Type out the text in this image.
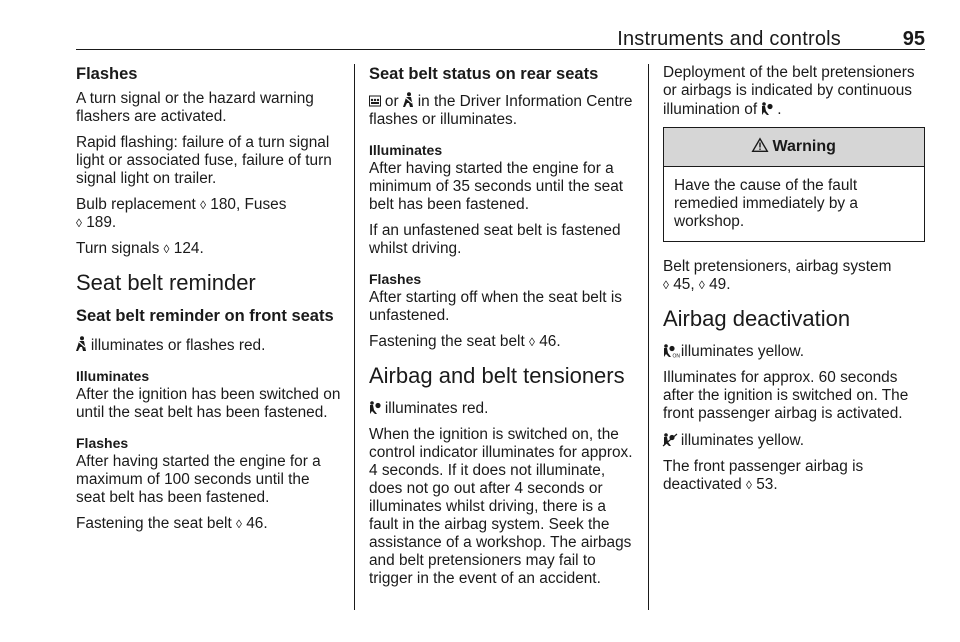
Instruments and controls	95
Flashes

A turn signal or the hazard warning flashers are activated.

Rapid flashing: failure of a turn signal light or associated fuse, failure of turn signal light on trailer.

Bulb replacement ◊ 180, Fuses
◊ 189.

Turn signals ◊ 124.

Seat belt reminder
Seat belt reminder on front seats

illuminates or flashes red.

Illuminates

After the ignition has been switched on until the seat belt has been fastened.

Flashes

After having started the engine for a maximum of 100 seconds until the seat belt has been fastened.

Fastening the seat belt ◊ 46.

Seat belt status on rear seats

or  in the Driver Information Centre flashes or illuminates.

Illuminates

After having started the engine for a minimum of 35 seconds until the seat belt has been fastened.

If an unfastened seat belt is fastened whilst driving.

Flashes

After starting off when the seat belt is unfastened.

Fastening the seat belt ◊ 46.

Airbag and belt tensioners

illuminates red.

When the ignition is switched on, the control indicator illuminates for approx. 4 seconds. If it does not illuminate, does not go out after 4 seconds or illuminates whilst driving, there is a fault in the airbag system. Seek the assistance of a workshop. The airbags and belt pretensioners may fail to trigger in the event of an accident.

Deployment of the belt pretensioners or airbags is indicated by continuous illumination of  .

Warning

Have the cause of the fault remedied immediately by a workshop.

Belt pretensioners, airbag system
◊ 45, ◊ 49.

Airbag deactivation

ON illuminates yellow.

Illuminates for approx. 60 seconds after the ignition is switched on. The front passenger airbag is activated.

illuminates yellow.

The front passenger airbag is deactivated ◊ 53.
